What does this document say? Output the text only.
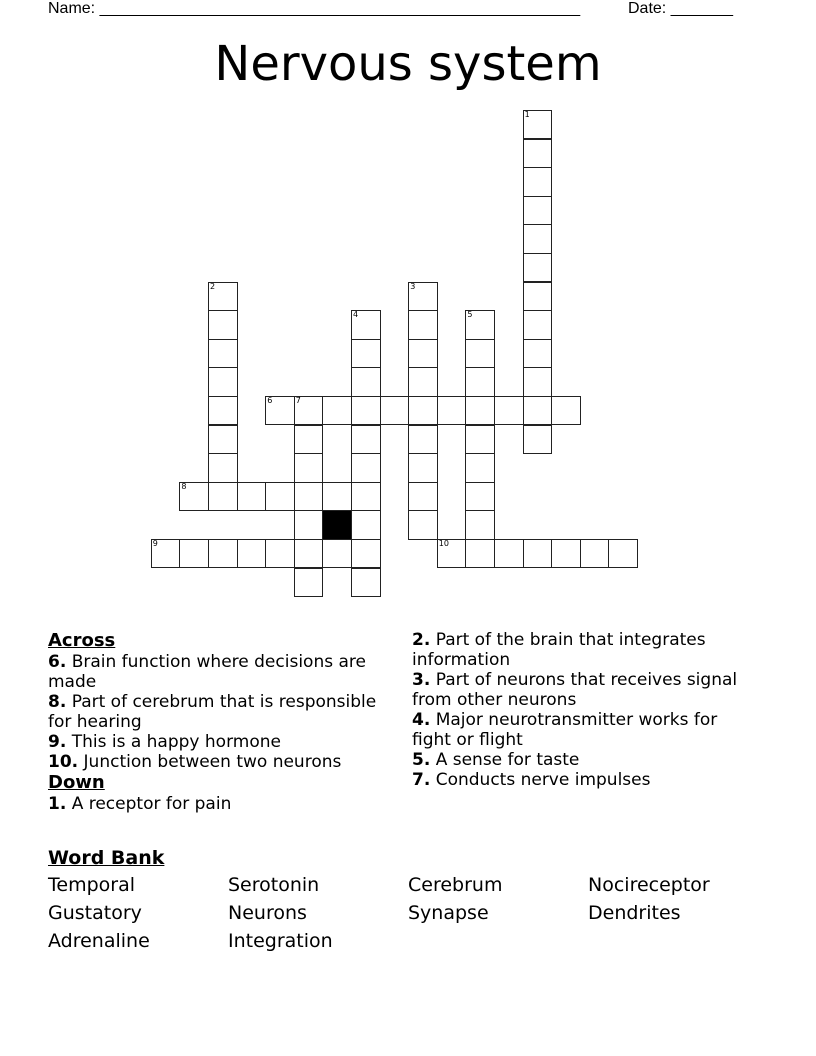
Name: ______________________________________________________	Date: _______
Nervous system
1
2	3
4	5
6	7
8
9	10
Across
6. Brain function where decisions are made
8. Part of cerebrum that is responsible for hearing
9. This is a happy hormone
10. Junction between two neurons
Down
1. A receptor for pain
2. Part of the brain that integrates information
3. Part of neurons that receives signal from other neurons
4. Major neurotransmitter works for fight or flight
5. A sense for taste
7. Conducts nerve impulses
Word Bank
Temporal	Serotonin	Cerebrum	Nocireceptor
Gustatory	Neurons	Synapse	Dendrites
Adrenaline	Integration
